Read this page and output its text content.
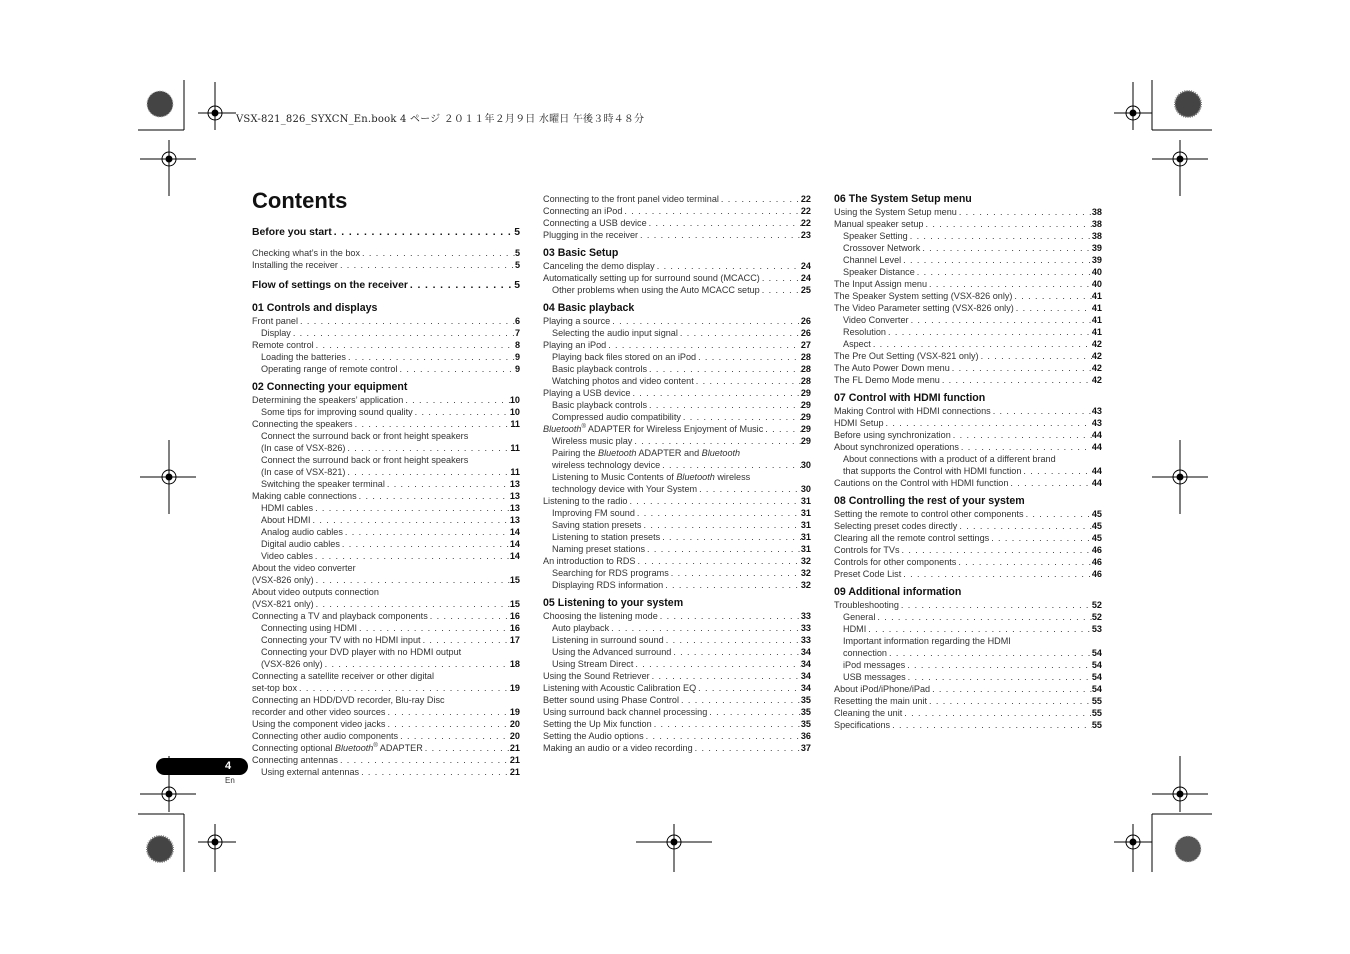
VSX-821_826_SYXCN_En.book 4 ページ ２０１１年２月９日 水曜日 午後３時４８分
Contents
Before you start . . .	5
Checking what’s in the box . . .	5
Installing the receiver . . .	5
Flow of settings on the receiver . . .	5
01 Controls and displays
Front panel . . .	6
Display . . .	7
Remote control . . .	8
Loading the batteries . . .	9
Operating range of remote control . . .	9
02 Connecting your equipment
Determining the speakers’ application . . .	10
Some tips for improving sound quality . . .	10
Connecting the speakers . . .	11
Connect the surround back or front height speakers
(In case of VSX-826) . . .	11
Connect the surround back or front height speakers
(In case of VSX-821) . . .	11
Switching the speaker terminal . . .	13
Making cable connections . . .	13
HDMI cables . . .	13
About HDMI . . .	13
Analog audio cables . . .	14
Digital audio cables . . .	14
Video cables . . .	14
About the video converter
(VSX-826 only) . . .	15
About video outputs connection
(VSX-821 only) . . .	15
Connecting a TV and playback components . . .	16
Connecting using HDMI . . .	16
Connecting your TV with no HDMI input . . .	17
Connecting your DVD player with no HDMI output
(VSX-826 only) . . .	18
Connecting a satellite receiver or other digital
set-top box . . .	19
Connecting an HDD/DVD recorder, Blu-ray Disc
recorder and other video sources . . .	19
Using the component video jacks . . .	20
Connecting other audio components . . .	20
Connecting optional Bluetooth® ADAPTER . . .	21
Connecting antennas . . .	21
Using external antennas . . .	21
Connecting to the front panel video terminal . . .	22
Connecting an iPod . . .	22
Connecting a USB device . . .	22
Plugging in the receiver . . .	23
03 Basic Setup
Canceling the demo display . . .	24
Automatically setting up for surround sound (MCACC) . . .	24
Other problems when using the Auto MCACC setup . . .	25
04 Basic playback
Playing a source . . .	26
Selecting the audio input signal . . .	26
Playing an iPod . . .	27
Playing back files stored on an iPod . . .	28
Basic playback controls . . .	28
Watching photos and video content . . .	28
Playing a USB device . . .	29
Basic playback controls . . .	29
Compressed audio compatibility . . .	29
Bluetooth® ADAPTER for Wireless Enjoyment of Music . . .	29
Wireless music play . . .	29
Pairing the Bluetooth ADAPTER and Bluetooth
wireless technology device . . .	30
Listening to Music Contents of Bluetooth wireless
technology device with Your System . . .	30
Listening to the radio . . .	31
Improving FM sound . . .	31
Saving station presets . . .	31
Listening to station presets . . .	31
Naming preset stations . . .	31
An introduction to RDS . . .	32
Searching for RDS programs . . .	32
Displaying RDS information . . .	32
05 Listening to your system
Choosing the listening mode . . .	33
Auto playback . . .	33
Listening in surround sound . . .	33
Using the Advanced surround . . .	34
Using Stream Direct . . .	34
Using the Sound Retriever . . .	34
Listening with Acoustic Calibration EQ . . .	34
Better sound using Phase Control . . .	35
Using surround back channel processing . . .	35
Setting the Up Mix function . . .	35
Setting the Audio options . . .	36
Making an audio or a video recording . . .	37
06 The System Setup menu
Using the System Setup menu . . .	38
Manual speaker setup . . .	38
Speaker Setting . . .	38
Crossover Network . . .	39
Channel Level . . .	39
Speaker Distance . . .	40
The Input Assign menu . . .	40
The Speaker System setting (VSX-826 only) . . .	41
The Video Parameter setting (VSX-826 only) . . .	41
Video Converter . . .	41
Resolution . . .	41
Aspect . . .	42
The Pre Out Setting (VSX-821 only) . . .	42
The Auto Power Down menu . . .	42
The FL Demo Mode menu . . .	42
07 Control with HDMI function
Making Control with HDMI connections . . .	43
HDMI Setup . . .	43
Before using synchronization . . .	44
About synchronized operations . . .	44
About connections with a product of a different brand
that supports the Control with HDMI function . . .	44
Cautions on the Control with HDMI function . . .	44
08 Controlling the rest of your system
Setting the remote to control other components . . .	45
Selecting preset codes directly . . .	45
Clearing all the remote control settings . . .	45
Controls for TVs . . .	46
Controls for other components . . .	46
Preset Code List . . .	46
09 Additional information
Troubleshooting . . .	52
General . . .	52
HDMI . . .	53
Important information regarding the HDMI
connection . . .	54
iPod messages . . .	54
USB messages . . .	54
About iPod/iPhone/iPad . . .	54
Resetting the main unit . . .	55
Cleaning the unit . . .	55
Specifications . . .	55
4
En
